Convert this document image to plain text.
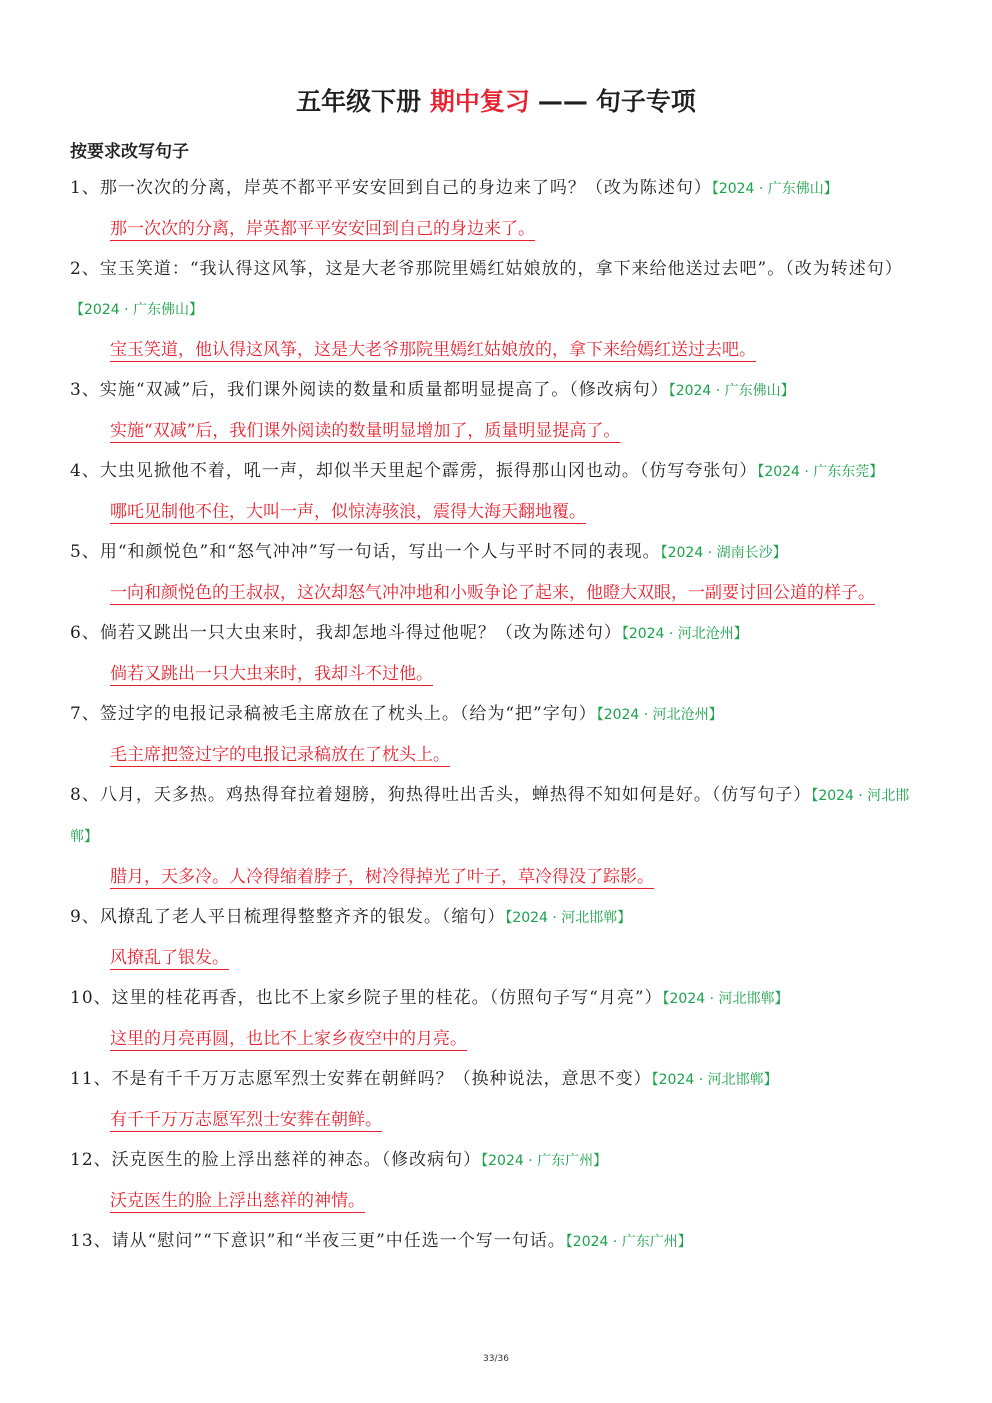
五年级下册 期中复习 —— 句子专项
按要求改写句子
1、那一次次的分离，岸英不都平平安安回到自己的身边来了吗？（改为陈述句）【2024 · 广东佛山】
那一次次的分离，岸英都平平安安回到自己的身边来了。
2、宝玉笑道：“我认得这风筝，这是大老爷那院里嫣红姑娘放的，拿下来给他送过去吧”。（改为转述句）【2024 · 广东佛山】
宝玉笑道，他认得这风筝，这是大老爷那院里嫣红姑娘放的，拿下来给嫣红送过去吧。
3、实施“双减”后，我们课外阅读的数量和质量都明显提高了。（修改病句）【2024 · 广东佛山】
实施“双减”后，我们课外阅读的数量明显增加了，质量明显提高了。
4、大虫见掀他不着，吼一声，却似半天里起个霹雳，振得那山冈也动。（仿写夸张句）【2024 · 广东东莞】
哪吒见制他不住，大叫一声，似惊涛骇浪，震得大海天翻地覆。
5、用“和颜悦色”和“怒气冲冲”写一句话，写出一个人与平时不同的表现。【2024 · 湖南长沙】
一向和颜悦色的王叔叔，这次却怒气冲冲地和小贩争论了起来，他瞪大双眼，一副要讨回公道的样子。
6、倘若又跳出一只大虫来时，我却怎地斗得过他呢？（改为陈述句）【2024 · 河北沧州】
倘若又跳出一只大虫来时，我却斗不过他。
7、签过字的电报记录稿被毛主席放在了枕头上。（给为“把”字句）【2024 · 河北沧州】
毛主席把签过字的电报记录稿放在了枕头上。
8、八月，天多热。鸡热得耷拉着翅膀，狗热得吐出舌头，蝉热得不知如何是好。（仿写句子）【2024 · 河北邯郸】
腊月，天多冷。人冷得缩着脖子，树冷得掉光了叶子，草冷得没了踪影。
9、风撩乱了老人平日梳理得整整齐齐的银发。（缩句）【2024 · 河北邯郸】
风撩乱了银发。
10、这里的桂花再香，也比不上家乡院子里的桂花。（仿照句子写“月亮”）【2024 · 河北邯郸】
这里的月亮再圆，也比不上家乡夜空中的月亮。
11、不是有千千万万志愿军烈士安葬在朝鲜吗？（换种说法，意思不变）【2024 · 河北邯郸】
有千千万万志愿军烈士安葬在朝鲜。
12、沃克医生的脸上浮出慈祥的神态。（修改病句）【2024 · 广东广州】
沃克医生的脸上浮出慈祥的神情。
13、请从“慰问”“下意识”和“半夜三更”中任选一个写一句话。【2024 · 广东广州】
33/36
